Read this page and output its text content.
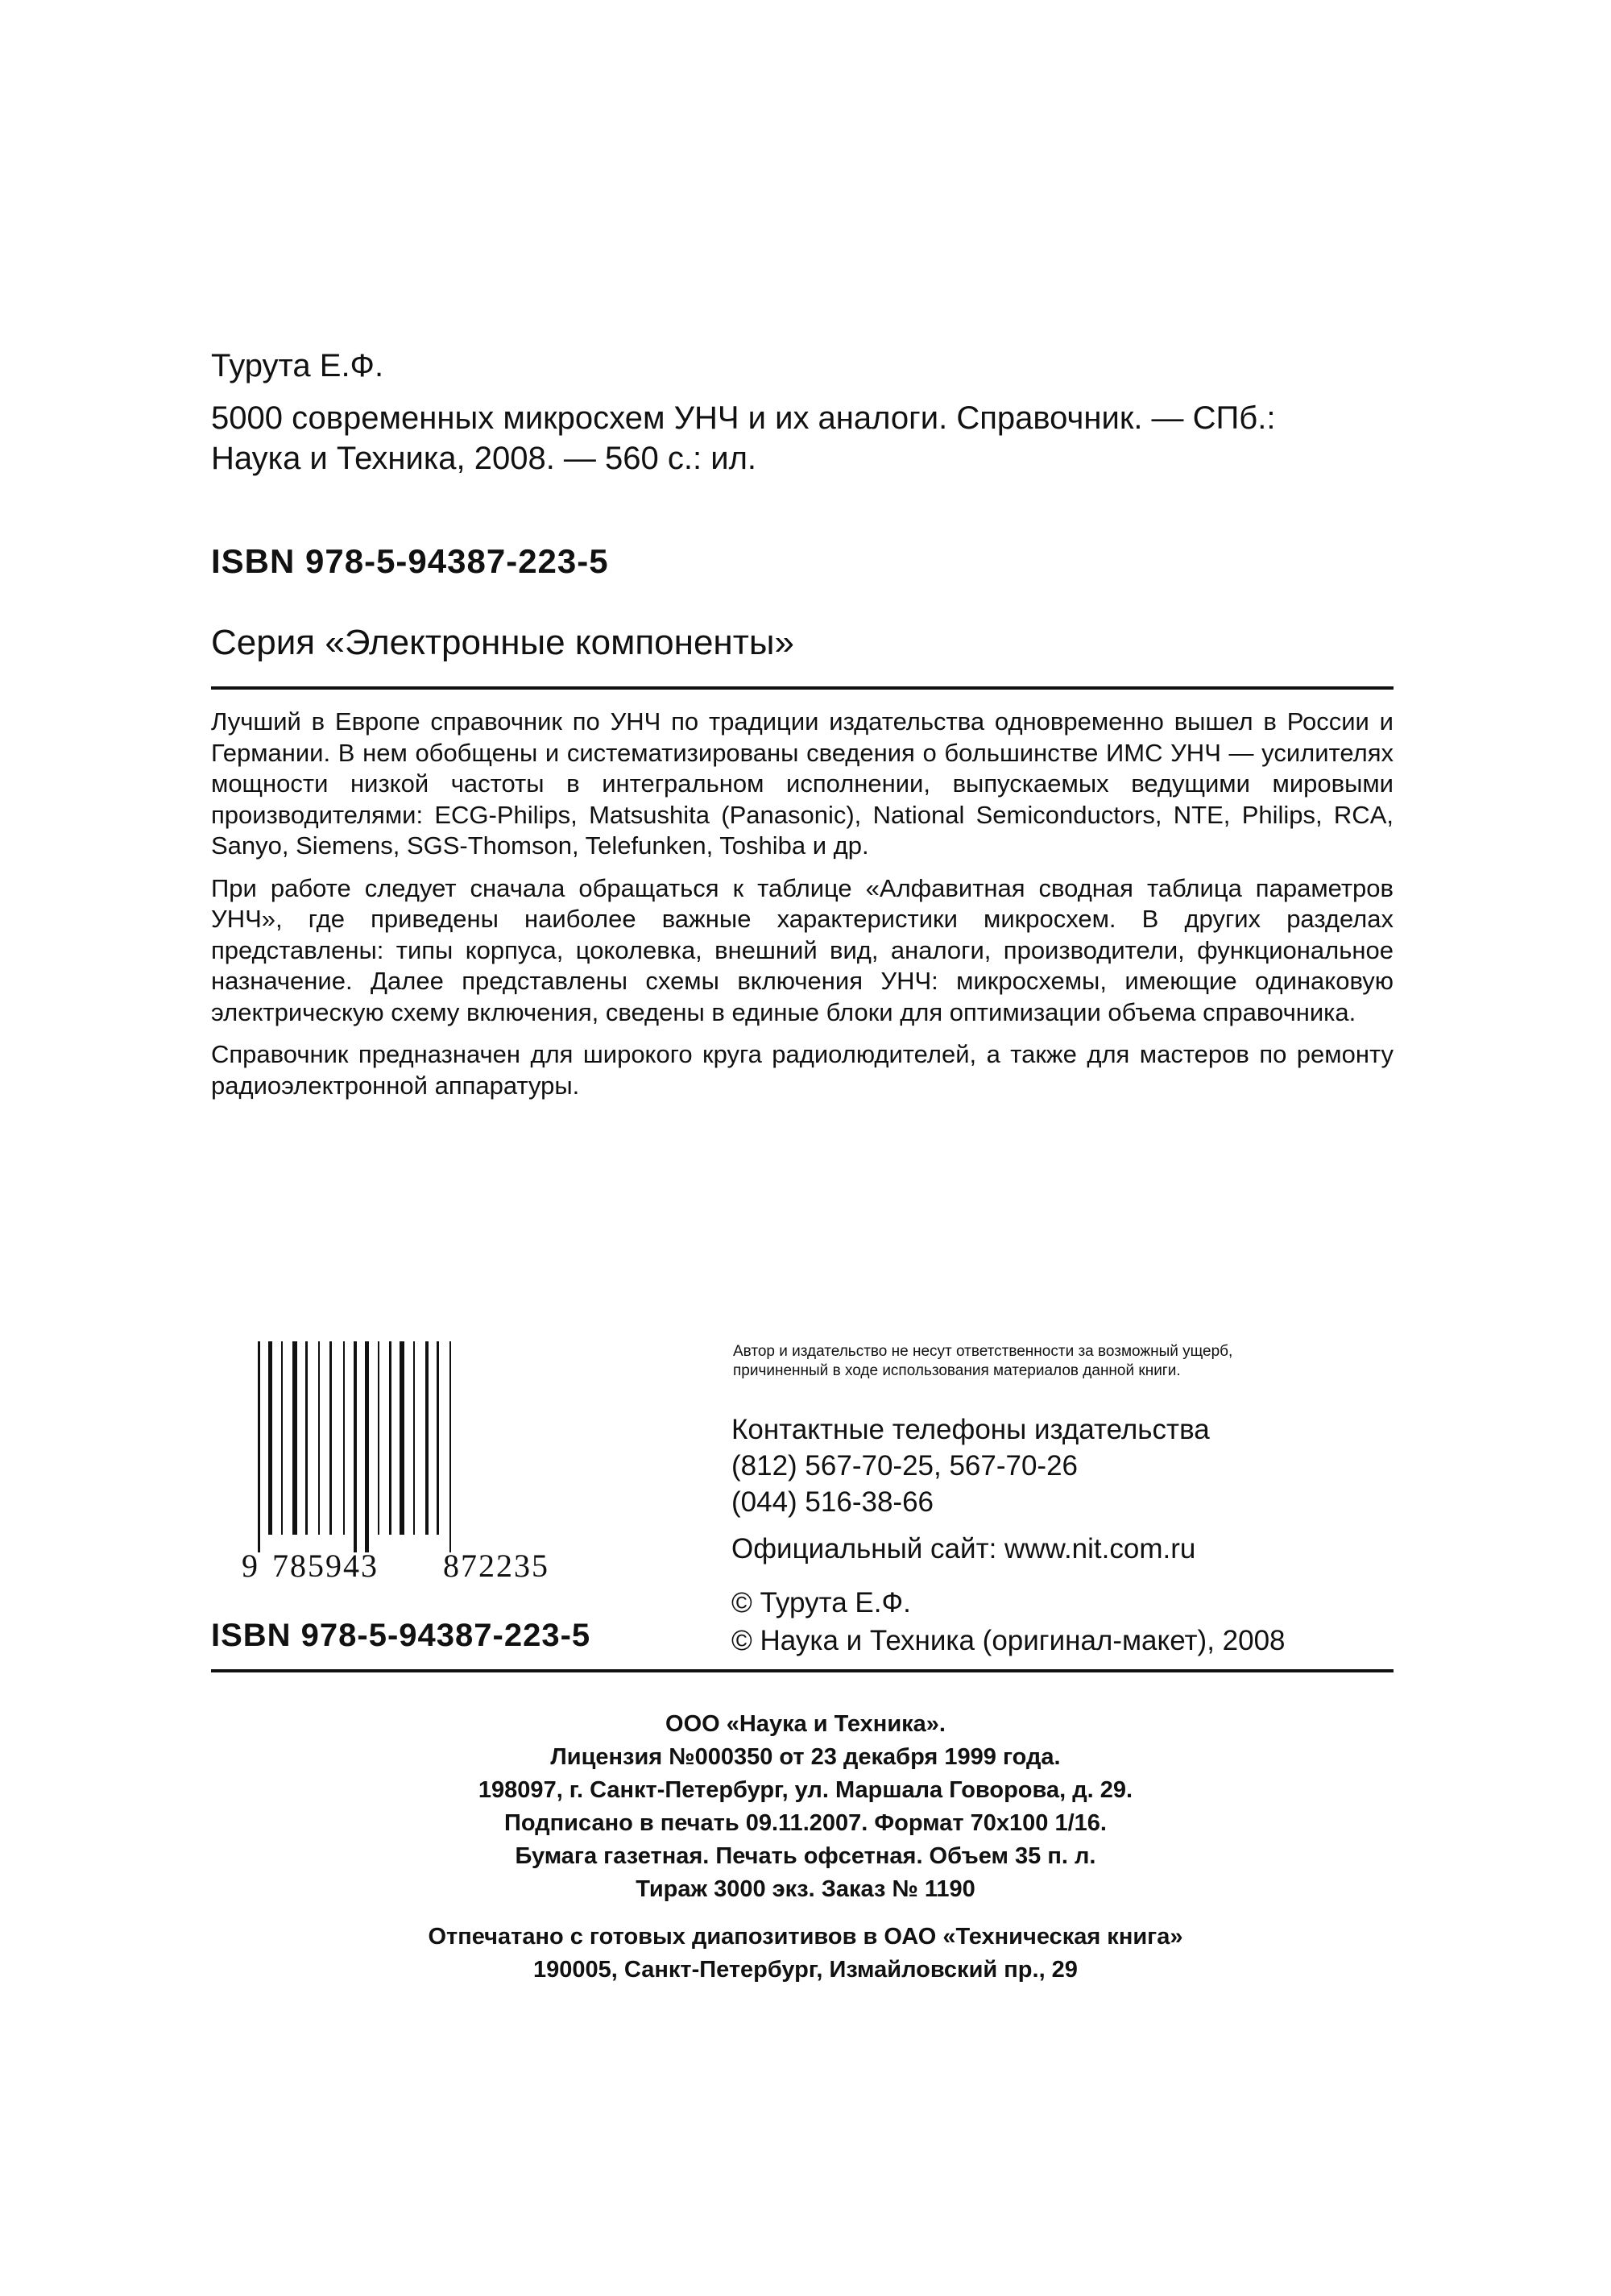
Турута Е.Ф.
5000 современных микросхем УНЧ и их аналоги. Справочник. — СПб.:
Наука и Техника, 2008. — 560 с.: ил.
ISBN 978-5-94387-223-5
Серия «Электронные компоненты»

Лучший в Европе справочник по УНЧ по традиции издательства одновременно вышел в России и Германии. В нем обобщены и систематизированы сведения о большинстве ИМС УНЧ — усилителях мощности низкой частоты в интегральном исполнении, выпускаемых ведущими мировыми производителями: ECG-Philips, Matsushita (Panasonic), National Semiconductors, NTE, Philips, RCA, Sanyo, Siemens, SGS-Thomson, Telefunken, Toshiba и др.

При работе следует сначала обращаться к таблице «Алфавитная сводная таблица параметров УНЧ», где приведены наиболее важные характеристики микросхем. В других разделах представлены: типы корпуса, цоколевка, внешний вид, аналоги, производители, функциональное назначение. Далее представлены схемы включения УНЧ: микросхемы, имеющие одинаковую электрическую схему включения, сведены в единые блоки для оптимизации объема справочника.

Справочник предназначен для широкого круга радиолюдителей, а также для мастеров по ремонту радиоэлектронной аппаратуры.

9 785943 872235
ISBN 978-5-94387-223-5
Автор и издательство не несут ответственности за возможный ущерб, причиненный в ходе использования материалов данной книги.
Контактные телефоны издательства
(812) 567-70-25, 567-70-26
(044) 516-38-66
Официальный сайт: www.nit.com.ru
© Турута Е.Ф.
© Наука и Техника (оригинал-макет), 2008
ООО «Наука и Техника».
Лицензия №000350 от 23 декабря 1999 года.
198097, г. Санкт-Петербург, ул. Маршала Говорова, д. 29.
Подписано в печать 09.11.2007. Формат 70x100 1/16.
Бумага газетная. Печать офсетная. Объем 35 п. л.
Тираж 3000 экз. Заказ № 1190
Отпечатано с готовых диапозитивов в ОАО «Техническая книга»
190005, Санкт-Петербург, Измайловский пр., 29
